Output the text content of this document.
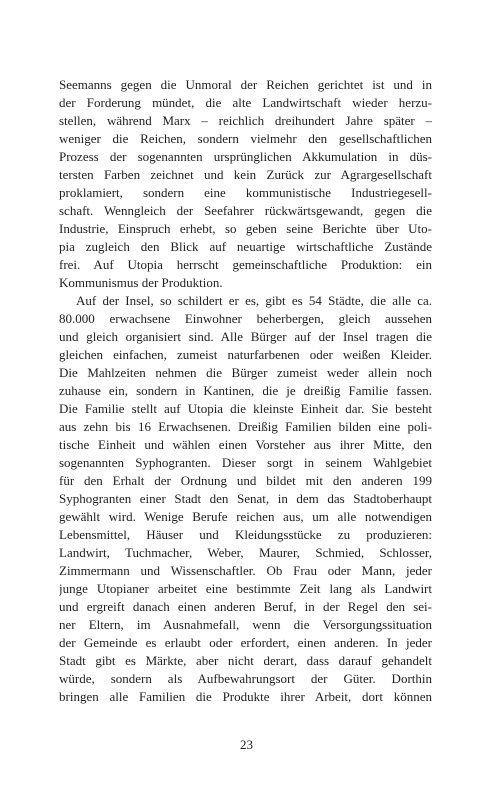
Seemanns gegen die Unmoral der Reichen gerichtet ist und in
der Forderung mündet, die alte Landwirtschaft wieder herzu-
stellen, während Marx – reichlich dreihundert Jahre später –
weniger die Reichen, sondern vielmehr den gesellschaftlichen
Prozess der sogenannten ursprünglichen Akkumulation in düs-
tersten Farben zeichnet und kein Zurück zur Agrargesellschaft
proklamiert, sondern eine kommunistische Industriegesell-
schaft. Wenngleich der Seefahrer rückwärtsgewandt, gegen die
Industrie, Einspruch erhebt, so geben seine Berichte über Uto-
pia zugleich den Blick auf neuartige wirtschaftliche Zustände
frei. Auf Utopia herrscht gemeinschaftliche Produktion: ein
Kommunismus der Produktion.
Auf der Insel, so schildert er es, gibt es 54 Städte, die alle ca.
80.000 erwachsene Einwohner beherbergen, gleich aussehen
und gleich organisiert sind. Alle Bürger auf der Insel tragen die
gleichen einfachen, zumeist naturfarbenen oder weißen Kleider.
Die Mahlzeiten nehmen die Bürger zumeist weder allein noch
zuhause ein, sondern in Kantinen, die je dreißig Familie fassen.
Die Familie stellt auf Utopia die kleinste Einheit dar. Sie besteht
aus zehn bis 16 Erwachsenen. Dreißig Familien bilden eine poli-
tische Einheit und wählen einen Vorsteher aus ihrer Mitte, den
sogenannten Syphogranten. Dieser sorgt in seinem Wahlgebiet
für den Erhalt der Ordnung und bildet mit den anderen 199
Syphogranten einer Stadt den Senat, in dem das Stadtoberhaupt
gewählt wird. Wenige Berufe reichen aus, um alle notwendigen
Lebensmittel, Häuser und Kleidungsstücke zu produzieren:
Landwirt, Tuchmacher, Weber, Maurer, Schmied, Schlosser,
Zimmermann und Wissenschaftler. Ob Frau oder Mann, jeder
junge Utopianer arbeitet eine bestimmte Zeit lang als Landwirt
und ergreift danach einen anderen Beruf, in der Regel den sei-
ner Eltern, im Ausnahmefall, wenn die Versorgungssituation
der Gemeinde es erlaubt oder erfordert, einen anderen. In jeder
Stadt gibt es Märkte, aber nicht derart, dass darauf gehandelt
würde, sondern als Aufbewahrungsort der Güter. Dorthin
bringen alle Familien die Produkte ihrer Arbeit, dort können
23
